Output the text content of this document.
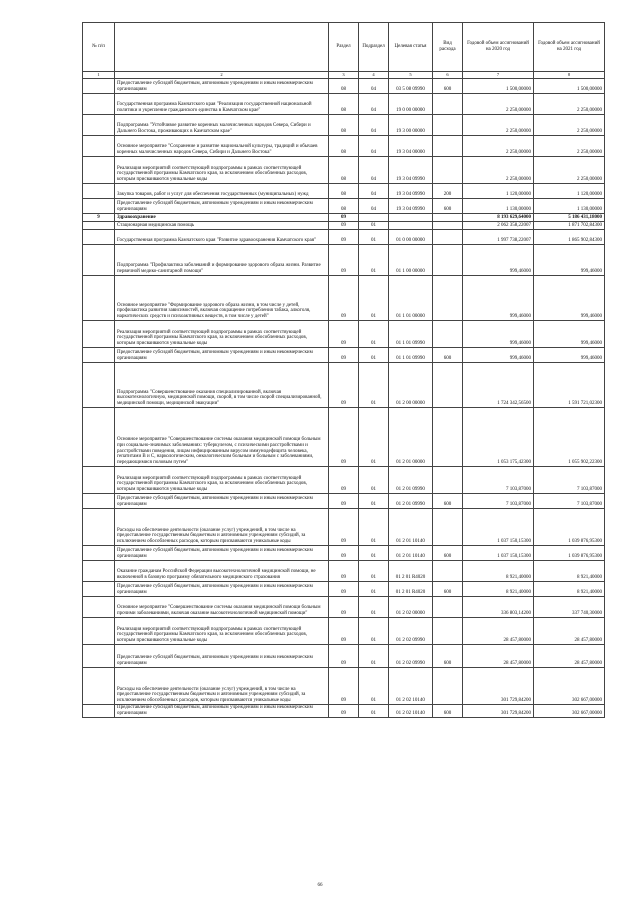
№ п/п		Раздел	Подраздел	Целевая статья	Вид расхода	Годовой объем ассигнований на 2020 год	Годовой объем ассигнований на 2021 год
1	2	3	4	5	6	7	8
	Предоставление субсидий бюджетным, автономным учреждениям и иным некоммерческим организациям	08	04	03 5 08 09990	600	1 500,00000	1 500,00000
	Государственная программа Камчатского края "Реализация государственной национальной политики и укрепление гражданского единства в Камчатском крае"	08	04	19 0 00 00000		2 250,00000	2 250,00000
	Подпрограмма "Устойчивое развитие коренных малочисленных народов Севера, Сибири и Дальнего Востока, проживающих в Камчатском крае"	08	04	19 3 00 00000		2 250,00000	2 250,00000
	Основное мероприятие "Сохранение и развитие национальной культуры, традиций и обычаев коренных малочисленных народов Севера, Сибири и Дальнего Востока"	08	04	19 3 04 00000		2 250,00000	2 250,00000
	Реализация мероприятий соответствующей подпрограммы в рамках соответствующей государственной программы Камчатского края, за исключением обособленных расходов, которым присваиваются уникальные коды	08	04	19 3 04 09990		2 250,00000	2 250,00000
	Закупка товаров, работ и услуг для обеспечения государственных (муниципальных) нужд	08	04	19 3 04 09990	200	1 120,00000	1 120,00000
	Предоставление субсидий бюджетным, автономным учреждениям и иным некоммерческим организациям	08	04	19 3 04 09990	600	1 130,00000	1 130,00000
9	Здравоохранение	09				8 193 629,64000	5 186 431,18000
	Стационарная медицинская помощь	09	01			2 062 358,22007	1 871 702,84300
	Государственная программа Камчатского края "Развитие здравоохранения Камчатского края"	09	01	01 0 00 00000		1 997 738,22007	1 865 902,84300
	Подпрограмма "Профилактика заболеваний и формирование здорового образа жизни. Развитие первичной медико-санитарной помощи"	09	01	01 1 00 00000		999,46000	999,46000
	Основное мероприятие "Формирование здорового образа жизни, в том числе у детей, профилактика развития зависимостей, включая сокращение потребления табака, алкоголя, наркотических средств и психоактивных веществ, в том числе у детей"	09	01	01 1 01 00000		999,46000	999,46000
	Реализация мероприятий соответствующей подпрограммы в рамках соответствующей государственной программы Камчатского края, за исключением обособленных расходов, которым присваиваются уникальные коды	09	01	01 1 01 09990		999,46000	999,46000
	Предоставление субсидий бюджетным, автономным учреждениям и иным некоммерческим организациям	09	01	01 1 01 09990	600	999,46000	999,46000
	Подпрограмма "Совершенствование оказания специализированной, включая высокотехнологичную, медицинской помощи, скорой, в том числе скорой специализированной, медицинской помощи, медицинской эвакуации"	09	01	01 2 00 00000		1 724 342,56500	1 591 721,02300
	Основное мероприятие "Совершенствование системы оказания медицинской помощи больным при социально-значимых заболеваниях: туберкулезом, с психическими расстройствами и расстройствами поведения, лицам инфицированным вирусом иммунодефицита человека, гепатитами В и С, наркологическим, онкологическим больным и больным с заболеваниями, передающимися половым путем"	09	01	01 2 01 00000		1 053 175,42300	1 055 902,22300
	Реализация мероприятий соответствующей подпрограммы в рамках соответствующей государственной программы Камчатского края, за исключением обособленных расходов, которым присваиваются уникальные коды	09	01	01 2 01 09990		7 103,87000	7 103,87000
	Предоставление субсидий бюджетным, автономным учреждениям и иным некоммерческим организациям	09	01	01 2 01 09990	600	7 103,87000	7 103,87000
	Расходы на обеспечение деятельности (оказание услуг) учреждений, в том числе на предоставление государственным бюджетным и автономным учреждениям субсидий, за исключением обособленных расходов, которым присваиваются уникальные коды	09	01	01 2 01 10140		1 037 150,15300	1 039 876,95300
	Предоставление субсидий бюджетным, автономным учреждениям и иным некоммерческим организациям	09	01	01 2 01 10140	600	1 037 150,15300	1 039 876,95300
	Оказание гражданам Российской Федерации высокотехнологичной медицинской помощи, не включенной в базовую программу обязательного медицинского страхования	09	01	01 2 01 R4020		8 921,40000	8 921,40000
	Предоставление субсидий бюджетным, автономным учреждениям и иным некоммерческим организациям	09	01	01 2 01 R4020	600	8 921,40000	8 921,40000
	Основное мероприятие "Совершенствование системы оказания медицинской помощи больным прочими заболеваниями, включая оказание высокотехнологичной медицинской помощи"	09	01	01 2 02 00000		336 803,14200	337 740,30000
	Реализация мероприятий соответствующей подпрограммы в рамках соответствующей государственной программы Камчатского края, за исключением обособленных расходов, которым присваиваются уникальные коды	09	01	01 2 02 09990		28 457,80000	28 457,80000
	Предоставление субсидий бюджетным, автономным учреждениям и иным некоммерческим организациям	09	01	01 2 02 09990	600	28 457,80000	28 457,80000
	Расходы на обеспечение деятельности (оказание услуг) учреждений, в том числе на предоставление государственным бюджетным и автономным учреждениям субсидий, за исключением обособленных расходов, которым присваиваются уникальные коды	09	01	01 2 02 10140		301 729,84200	302 667,00000
	Предоставление субсидий бюджетным, автономным учреждениям и иным некоммерческим организациям	09	01	01 2 02 10140	600	301 729,84200	302 667,00000
66
